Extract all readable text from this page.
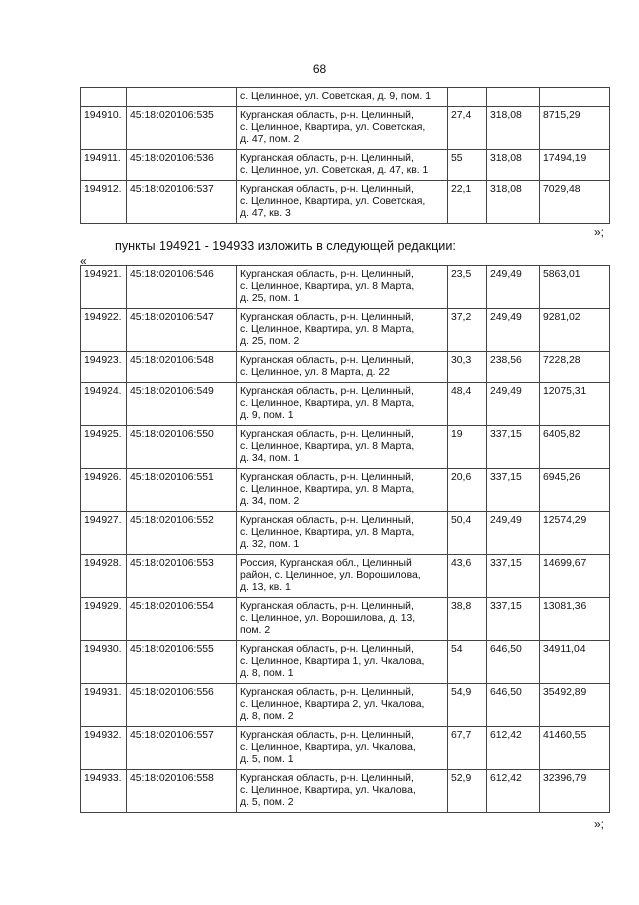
68
		с. Целинное, ул. Советская, д. 9, пом. 1			
194910.	45:18:020106:535	Курганская область, р-н. Целинный,
с. Целинное, Квартира, ул. Советская,
д. 47, пом. 2	27,4	318,08	8715,29
194911.	45:18:020106:536	Курганская область, р-н. Целинный,
с. Целинное, ул. Советская, д. 47, кв. 1	55	318,08	17494,19
194912.	45:18:020106:537	Курганская область, р-н. Целинный,
с. Целинное, Квартира, ул. Советская,
д. 47, кв. 3	22,1	318,08	7029,48
»;
пункты 194921 - 194933 изложить в следующей редакции:
«
194921.	45:18:020106:546	Курганская область, р-н. Целинный,
с. Целинное, Квартира, ул. 8 Марта,
д. 25, пом. 1	23,5	249,49	5863,01
194922.	45:18:020106:547	Курганская область, р-н. Целинный,
с. Целинное, Квартира, ул. 8 Марта,
д. 25, пом. 2	37,2	249,49	9281,02
194923.	45:18:020106:548	Курганская область, р-н. Целинный,
с. Целинное, ул. 8 Марта, д. 22	30,3	238,56	7228,28
194924.	45:18:020106:549	Курганская область, р-н. Целинный,
с. Целинное, Квартира, ул. 8 Марта,
д. 9, пом. 1	48,4	249,49	12075,31
194925.	45:18:020106:550	Курганская область, р-н. Целинный,
с. Целинное, Квартира, ул. 8 Марта,
д. 34, пом. 1	19	337,15	6405,82
194926.	45:18:020106:551	Курганская область, р-н. Целинный,
с. Целинное, Квартира, ул. 8 Марта,
д. 34, пом. 2	20,6	337,15	6945,26
194927.	45:18:020106:552	Курганская область, р-н. Целинный,
с. Целинное, Квартира, ул. 8 Марта,
д. 32, пом. 1	50,4	249,49	12574,29
194928.	45:18:020106:553	Россия, Курганская обл., Целинный
район, с. Целинное, ул. Ворошилова,
д. 13, кв. 1	43,6	337,15	14699,67
194929.	45:18:020106:554	Курганская область, р-н. Целинный,
с. Целинное, ул. Ворошилова, д. 13,
пом. 2	38,8	337,15	13081,36
194930.	45:18:020106:555	Курганская область, р-н. Целинный,
с. Целинное, Квартира 1, ул. Чкалова,
д. 8, пом. 1	54	646,50	34911,04
194931.	45:18:020106:556	Курганская область, р-н. Целинный,
с. Целинное, Квартира 2, ул. Чкалова,
д. 8, пом. 2	54,9	646,50	35492,89
194932.	45:18:020106:557	Курганская область, р-н. Целинный,
с. Целинное, Квартира, ул. Чкалова,
д. 5, пом. 1	67,7	612,42	41460,55
194933.	45:18:020106:558	Курганская область, р-н. Целинный,
с. Целинное, Квартира, ул. Чкалова,
д. 5, пом. 2	52,9	612,42	32396,79
»;
